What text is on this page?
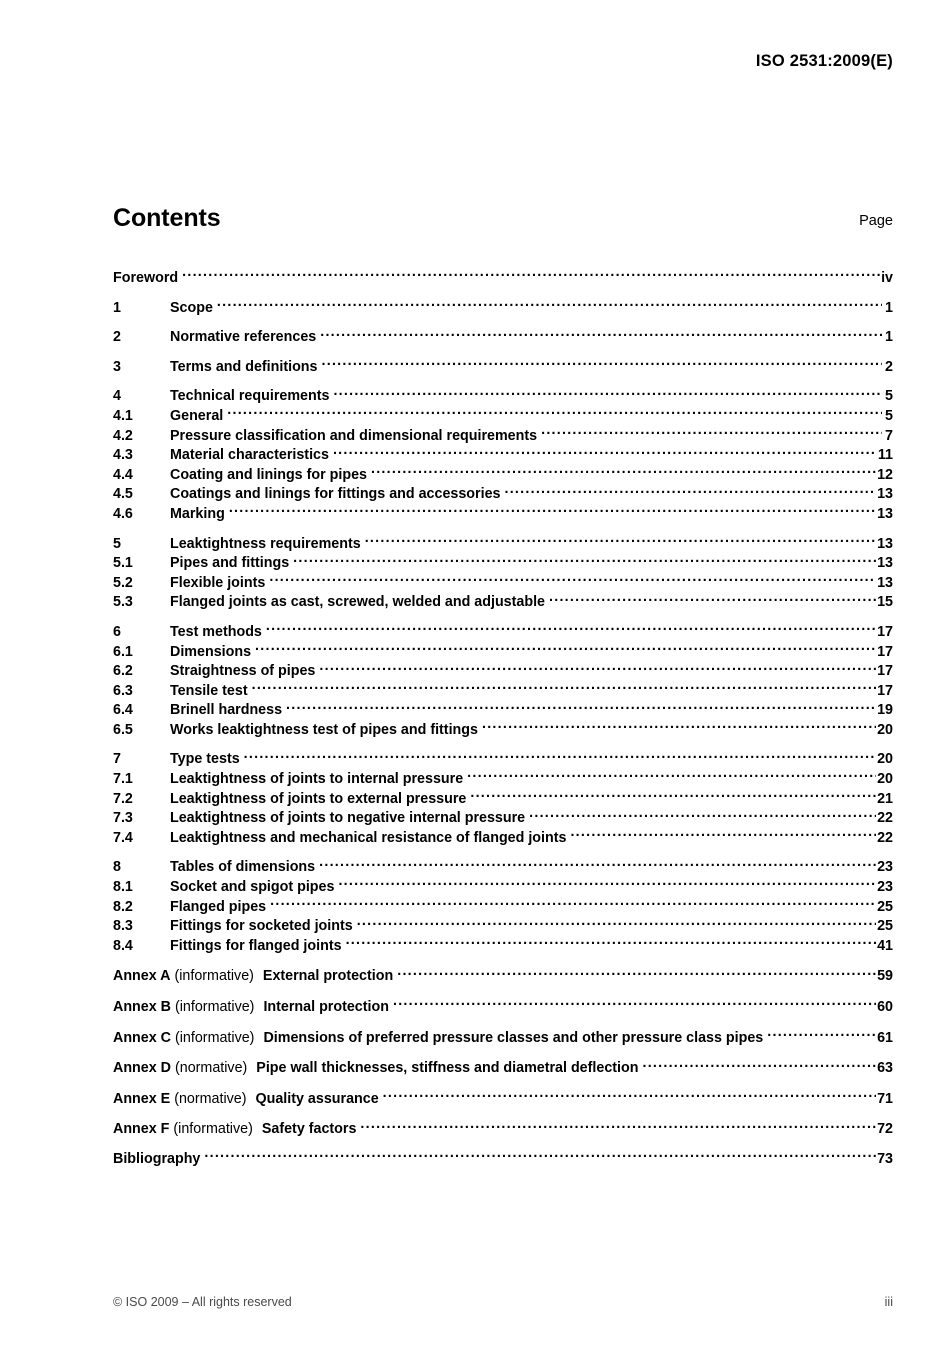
ISO 2531:2009(E)
Contents	Page
Foreword .....	iv
1	Scope .....	1
2	Normative references .....	1
3	Terms and definitions .....	2
4	Technical requirements .....	5
4.1	General .....	5
4.2	Pressure classification and dimensional requirements .....	7
4.3	Material characteristics .....	11
4.4	Coating and linings for pipes .....	12
4.5	Coatings and linings for fittings and accessories .....	13
4.6	Marking .....	13
5	Leaktightness requirements .....	13
5.1	Pipes and fittings .....	13
5.2	Flexible joints .....	13
5.3	Flanged joints as cast, screwed, welded and adjustable .....	15
6	Test methods .....	17
6.1	Dimensions .....	17
6.2	Straightness of pipes .....	17
6.3	Tensile test .....	17
6.4	Brinell hardness .....	19
6.5	Works leaktightness test of pipes and fittings .....	20
7	Type tests .....	20
7.1	Leaktightness of joints to internal pressure .....	20
7.2	Leaktightness of joints to external pressure .....	21
7.3	Leaktightness of joints to negative internal pressure .....	22
7.4	Leaktightness and mechanical resistance of flanged joints .....	22
8	Tables of dimensions .....	23
8.1	Socket and spigot pipes .....	23
8.2	Flanged pipes .....	25
8.3	Fittings for socketed joints .....	25
8.4	Fittings for flanged joints .....	41
Annex A (informative) External protection .....	59
Annex B (informative) Internal protection .....	60
Annex C (informative) Dimensions of preferred pressure classes and other pressure class pipes .....	61
Annex D (normative) Pipe wall thicknesses, stiffness and diametral deflection .....	63
Annex E (normative) Quality assurance .....	71
Annex F (informative) Safety factors .....	72
Bibliography .....	73
© ISO 2009 – All rights reserved	iii
